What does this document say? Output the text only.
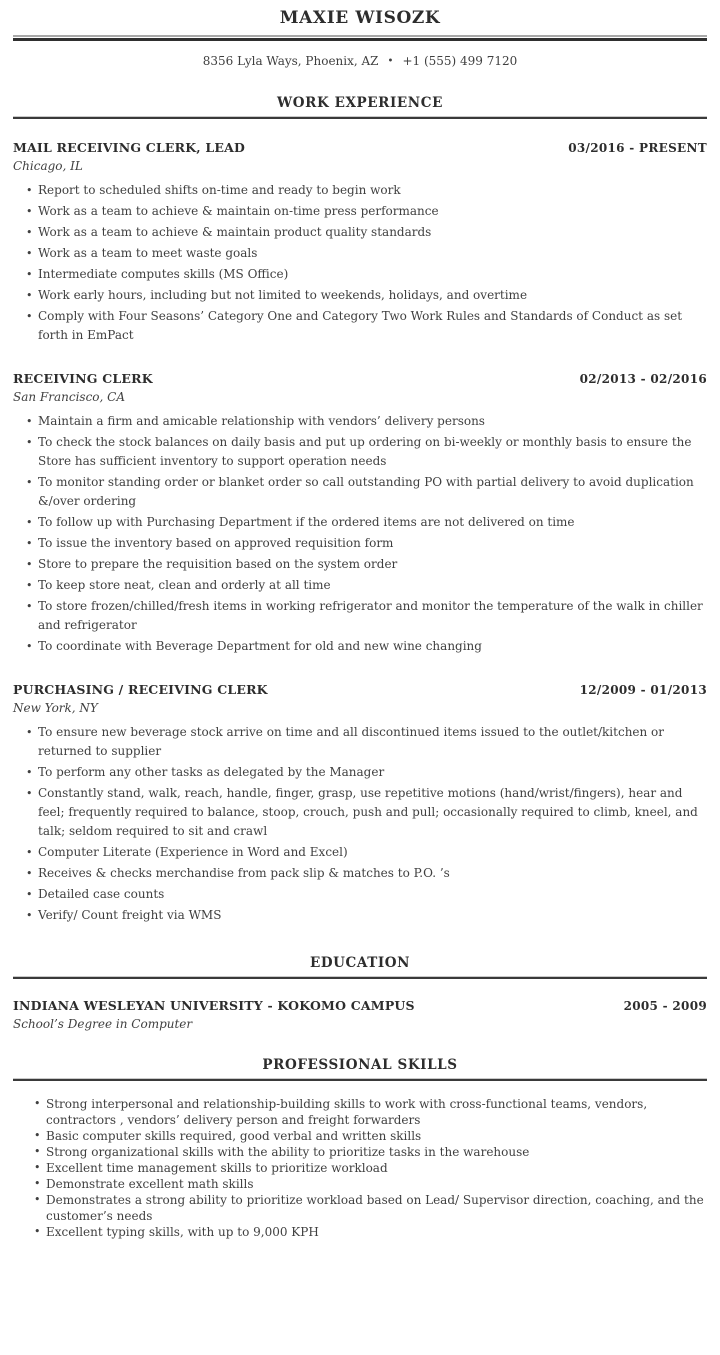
MAXIE WISOZK
8356 Lyla Ways, Phoenix, AZ • +1 (555) 499 7120
WORK EXPERIENCE
MAIL RECEIVING CLERK, LEAD	03/2016 - PRESENT
Chicago, IL
• Report to scheduled shifts on-time and ready to begin work
• Work as a team to achieve & maintain on-time press performance
• Work as a team to achieve & maintain product quality standards
• Work as a team to meet waste goals
• Intermediate computes skills (MS Office)
• Work early hours, including but not limited to weekends, holidays, and overtime
• Comply with Four Seasons’ Category One and Category Two Work Rules and Standards of Conduct as set forth in EmPact
RECEIVING CLERK	02/2013 - 02/2016
San Francisco, CA
• Maintain a firm and amicable relationship with vendors’ delivery persons
• To check the stock balances on daily basis and put up ordering on bi-weekly or monthly basis to ensure the Store has sufficient inventory to support operation needs
• To monitor standing order or blanket order so call outstanding PO with partial delivery to avoid duplication &/over ordering
• To follow up with Purchasing Department if the ordered items are not delivered on time
• To issue the inventory based on approved requisition form
• Store to prepare the requisition based on the system order
• To keep store neat, clean and orderly at all time
• To store frozen/chilled/fresh items in working refrigerator and monitor the temperature of the walk in chiller and refrigerator
• To coordinate with Beverage Department for old and new wine changing
PURCHASING / RECEIVING CLERK	12/2009 - 01/2013
New York, NY
• To ensure new beverage stock arrive on time and all discontinued items issued to the outlet/kitchen or returned to supplier
• To perform any other tasks as delegated by the Manager
• Constantly stand, walk, reach, handle, finger, grasp, use repetitive motions (hand/wrist/fingers), hear and feel; frequently required to balance, stoop, crouch, push and pull; occasionally required to climb, kneel, and talk; seldom required to sit and crawl
• Computer Literate (Experience in Word and Excel)
• Receives & checks merchandise from pack slip & matches to P.O. ’s
• Detailed case counts
• Verify/ Count freight via WMS
EDUCATION
INDIANA WESLEYAN UNIVERSITY - KOKOMO CAMPUS	2005 - 2009
School’s Degree in Computer
PROFESSIONAL SKILLS
• Strong interpersonal and relationship-building skills to work with cross-functional teams, vendors, contractors , vendors’ delivery person and freight forwarders
• Basic computer skills required, good verbal and written skills
• Strong organizational skills with the ability to prioritize tasks in the warehouse
• Excellent time management skills to prioritize workload
• Demonstrate excellent math skills
• Demonstrates a strong ability to prioritize workload based on Lead/ Supervisor direction, coaching, and the customer’s needs
• Excellent typing skills, with up to 9,000 KPH
